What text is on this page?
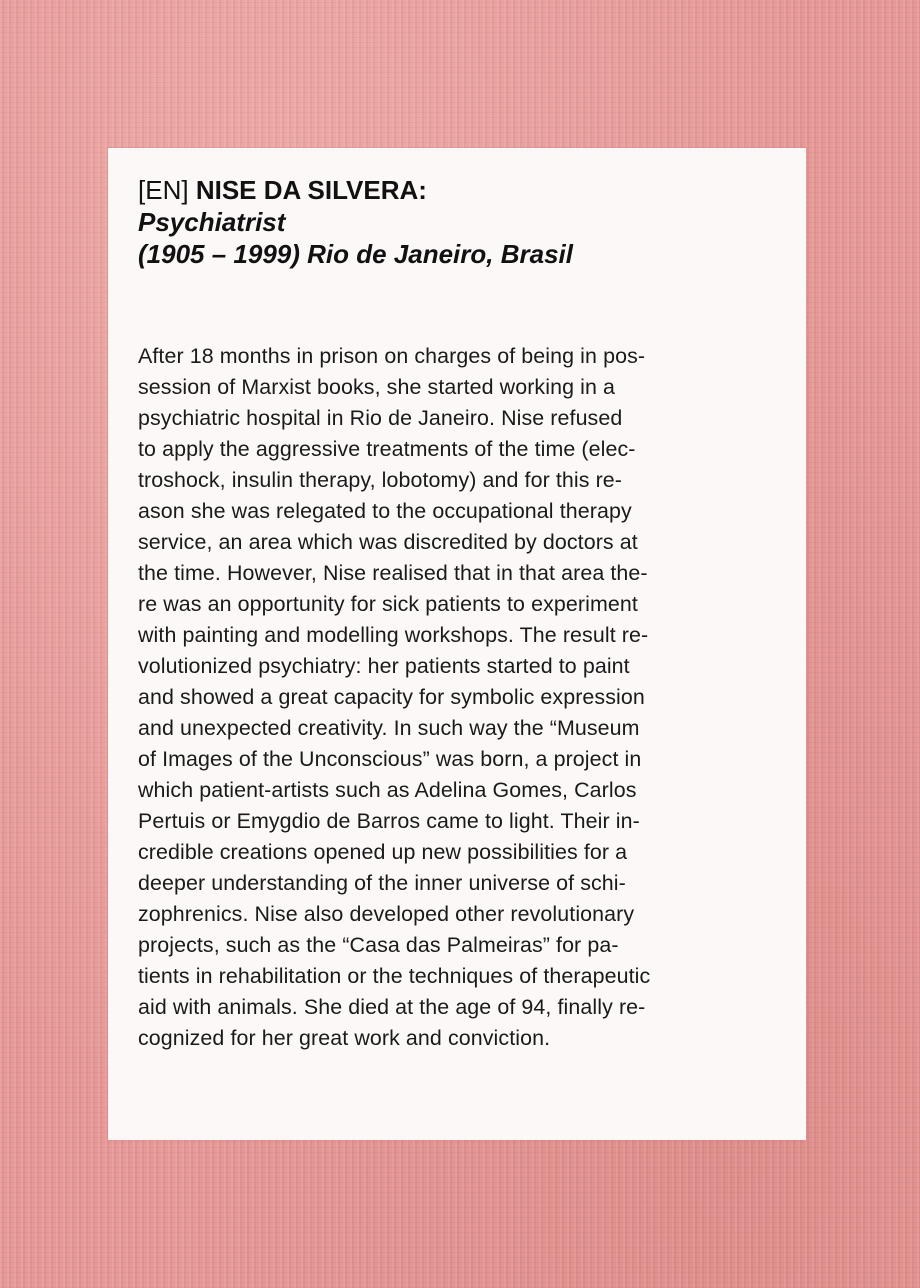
[EN] NISE DA SILVERA:
Psychiatrist
(1905 – 1999) Rio de Janeiro, Brasil

After 18 months in prison on charges of being in pos-
session of Marxist books, she started working in a
psychiatric hospital in Rio de Janeiro. Nise refused
to apply the aggressive treatments of the time (elec-
troshock, insulin therapy, lobotomy) and for this re-
ason she was relegated to the occupational therapy
service, an area which was discredited by doctors at
the time. However, Nise realised that in that area the-
re was an opportunity for sick patients to experiment
with painting and modelling workshops. The result re-
volutionized psychiatry: her patients started to paint
and showed a great capacity for symbolic expression
and unexpected creativity. In such way the “Museum
of Images of the Unconscious” was born, a project in
which patient-artists such as Adelina Gomes, Carlos
Pertuis or Emygdio de Barros came to light. Their in-
credible creations opened up new possibilities for a
deeper understanding of the inner universe of schi-
zophrenics. Nise also developed other revolutionary
projects, such as the “Casa das Palmeiras” for pa-
tients in rehabilitation or the techniques of therapeutic
aid with animals. She died at the age of 94, finally re-
cognized for her great work and conviction.
